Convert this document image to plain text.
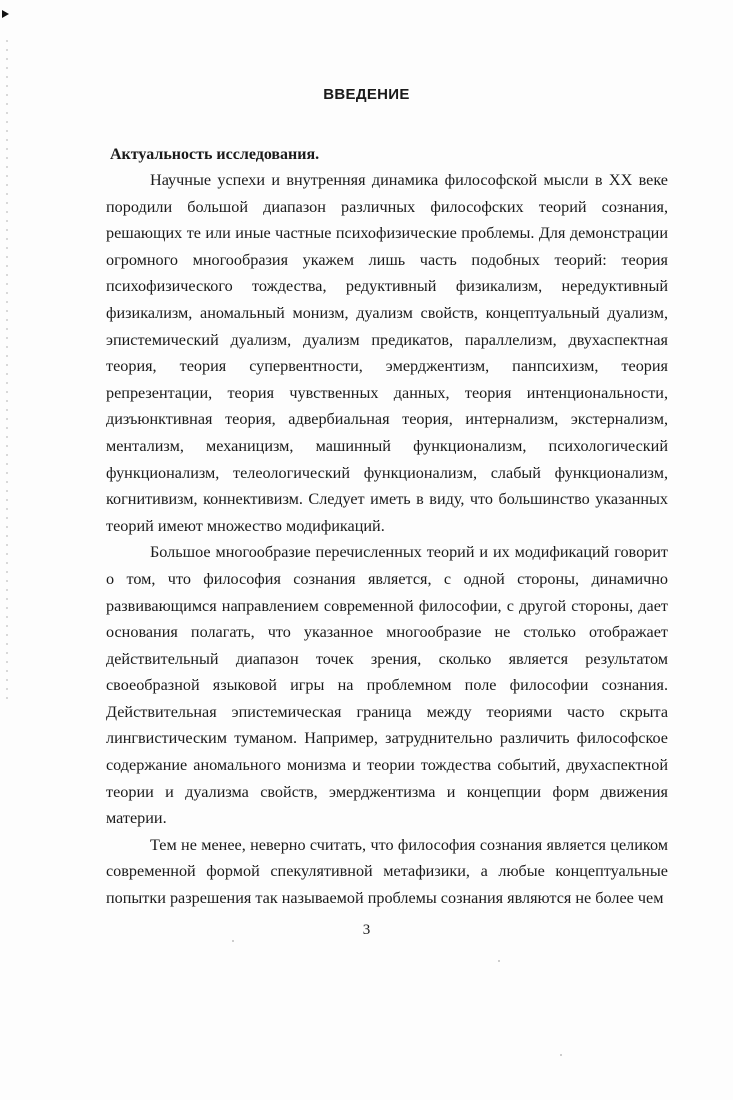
ВВЕДЕНИЕ
Актуальность исследования.

Научные успехи и внутренняя динамика философской мысли в XX веке породили большой диапазон различных философских теорий сознания, решающих те или иные частные психофизические проблемы. Для демонстрации огромного многообразия укажем лишь часть подобных теорий: теория психофизического тождества, редуктивный физикализм, нередуктивный физикализм, аномальный монизм, дуализм свойств, концептуальный дуализм, эпистемический дуализм, дуализм предикатов, параллелизм, двухаспектная теория, теория супервентности, эмерджентизм, панпсихизм, теория репрезентации, теория чувственных данных, теория интенциональности, дизъюнктивная теория, адвербиальная теория, интернализм, экстернализм, ментализм, механицизм, машинный функционализм, психологический функционализм, телеологический функционализм, слабый функционализм, когнитивизм, коннективизм. Следует иметь в виду, что большинство указанных теорий имеют множество модификаций.

Большое многообразие перечисленных теорий и их модификаций говорит о том, что философия сознания является, с одной стороны, динамично развивающимся направлением современной философии, с другой стороны, дает основания полагать, что указанное многообразие не столько отображает действительный диапазон точек зрения, сколько является результатом своеобразной языковой игры на проблемном поле философии сознания. Действительная эпистемическая граница между теориями часто скрыта лингвистическим туманом. Например, затруднительно различить философское содержание аномального монизма и теории тождества событий, двухаспектной теории и дуализма свойств, эмерджентизма и концепции форм движения материи.

Тем не менее, неверно считать, что философия сознания является целиком современной формой спекулятивной метафизики, а любые концептуальные попытки разрешения так называемой проблемы сознания являются не более чем

3
